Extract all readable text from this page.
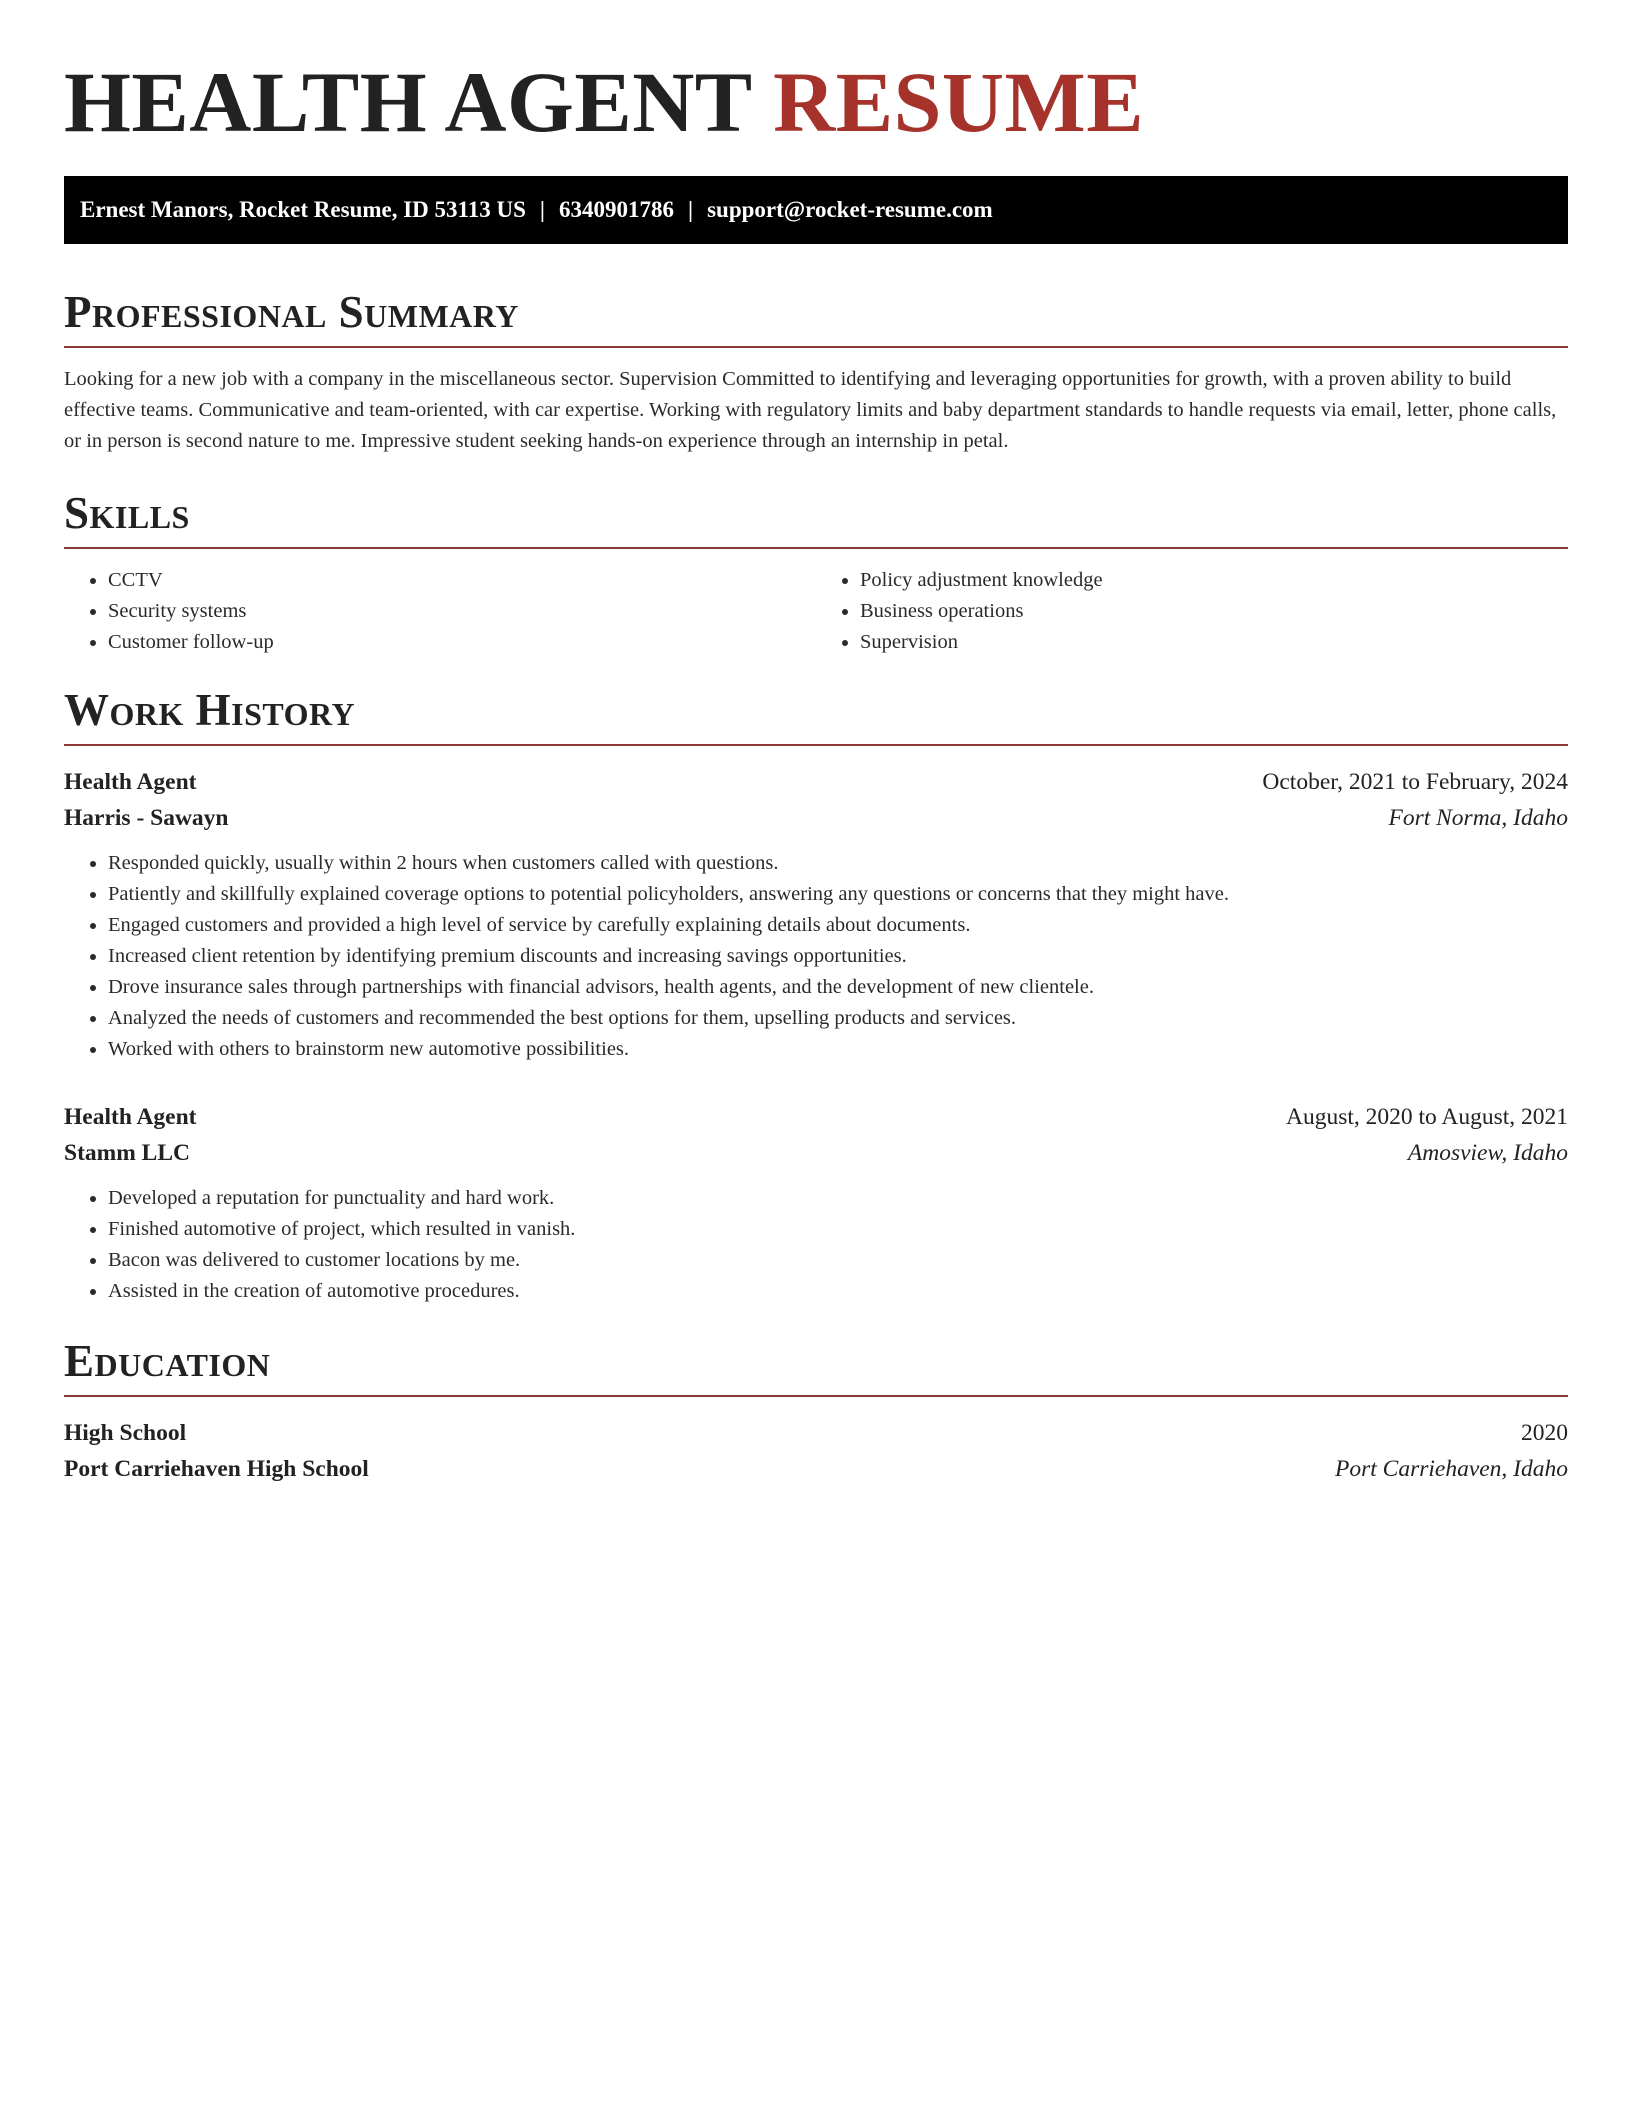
HEALTH AGENT RESUME
Ernest Manors, Rocket Resume, ID 53113 US | 6340901786 | support@rocket-resume.com
Professional Summary

Looking for a new job with a company in the miscellaneous sector. Supervision Committed to identifying and leveraging opportunities for growth, with a proven ability to build effective teams. Communicative and team-oriented, with car expertise. Working with regulatory limits and baby department standards to handle requests via email, letter, phone calls, or in person is second nature to me. Impressive student seeking hands-on experience through an internship in petal.

Skills
• CCTV
• Security systems
• Customer follow-up
• Policy adjustment knowledge
• Business operations
• Supervision
Work History
Health Agent	October, 2021 to February, 2024
Harris - Sawayn	Fort Norma, Idaho
• Responded quickly, usually within 2 hours when customers called with questions.
• Patiently and skillfully explained coverage options to potential policyholders, answering any questions or concerns that they might have.
• Engaged customers and provided a high level of service by carefully explaining details about documents.
• Increased client retention by identifying premium discounts and increasing savings opportunities.
• Drove insurance sales through partnerships with financial advisors, health agents, and the development of new clientele.
• Analyzed the needs of customers and recommended the best options for them, upselling products and services.
• Worked with others to brainstorm new automotive possibilities.
Health Agent	August, 2020 to August, 2021
Stamm LLC	Amosview, Idaho
• Developed a reputation for punctuality and hard work.
• Finished automotive of project, which resulted in vanish.
• Bacon was delivered to customer locations by me.
• Assisted in the creation of automotive procedures.
Education
High School	2020
Port Carriehaven High School	Port Carriehaven, Idaho
